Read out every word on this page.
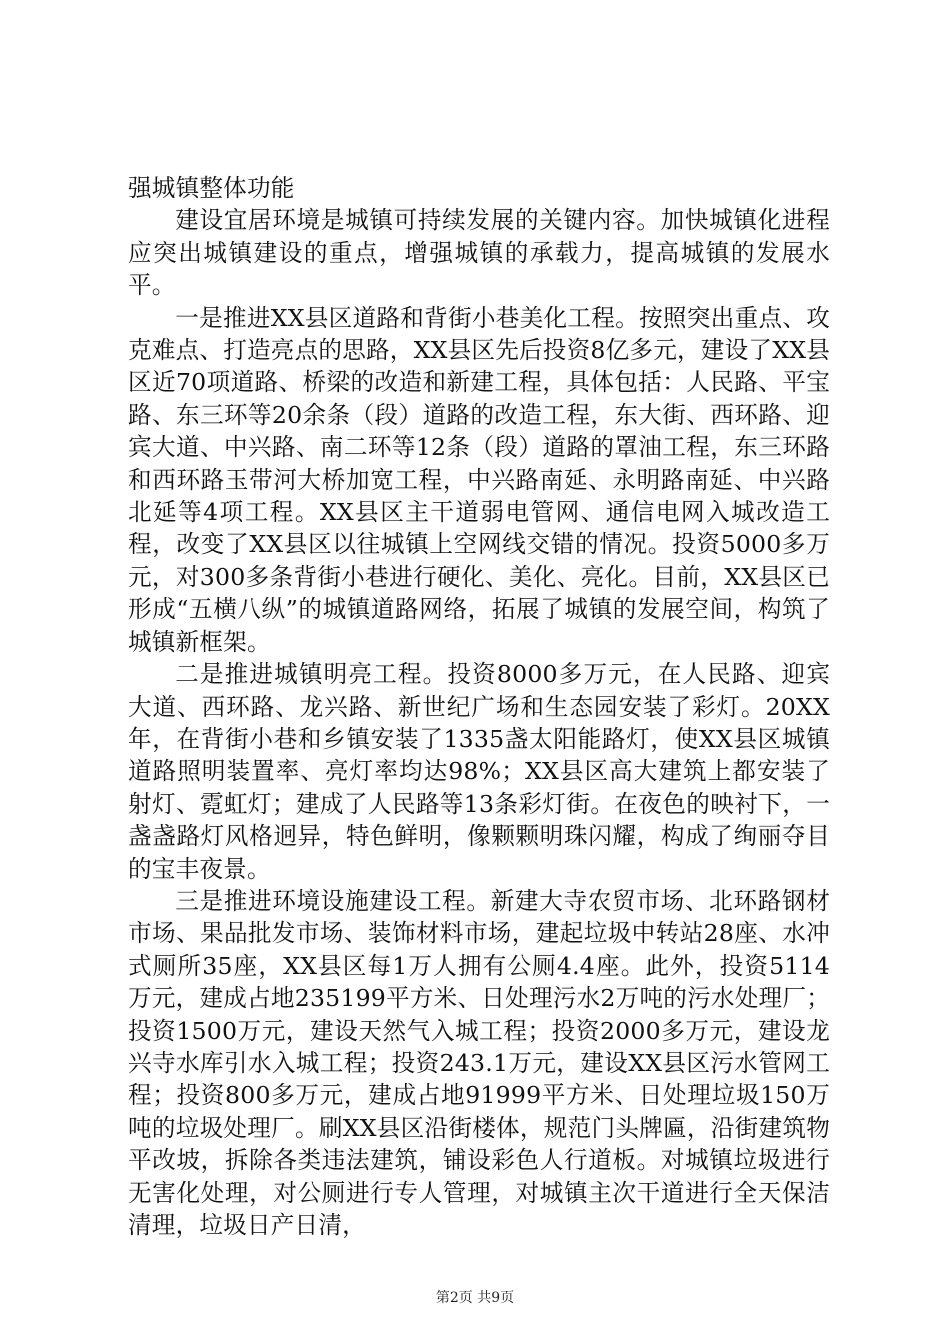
强城镇整体功能

建设宜居环境是城镇可持续发展的关键内容。加快城镇化进程应突出城镇建设的重点，增强城镇的承载力，提高城镇的发展水平。

一是推进XX县区道路和背街小巷美化工程。按照突出重点、攻克难点、打造亮点的思路，XX县区先后投资8亿多元，建设了XX县区近70项道路、桥梁的改造和新建工程，具体包括：人民路、平宝路、东三环等20余条（段）道路的改造工程，东大街、西环路、迎宾大道、中兴路、南二环等12条（段）道路的罩油工程，东三环路和西环路玉带河大桥加宽工程，中兴路南延、永明路南延、中兴路北延等4项工程。XX县区主干道弱电管网、通信电网入城改造工程，改变了XX县区以往城镇上空网线交错的情况。投资5000多万元，对300多条背街小巷进行硬化、美化、亮化。目前，XX县区已形成“五横八纵”的城镇道路网络，拓展了城镇的发展空间，构筑了城镇新框架。

二是推进城镇明亮工程。投资8000多万元，在人民路、迎宾大道、西环路、龙兴路、新世纪广场和生态园安装了彩灯。20XX年，在背街小巷和乡镇安装了1335盏太阳能路灯，使XX县区城镇道路照明装置率、亮灯率均达98%；XX县区高大建筑上都安装了射灯、霓虹灯；建成了人民路等13条彩灯街。在夜色的映衬下，一盏盏路灯风格迥异，特色鲜明，像颗颗明珠闪耀，构成了绚丽夺目的宝丰夜景。

三是推进环境设施建设工程。新建大寺农贸市场、北环路钢材市场、果品批发市场、装饰材料市场，建起垃圾中转站28座、水冲式厕所35座，XX县区每1万人拥有公厕4.4座。此外，投资5114万元，建成占地235199平方米、日处理污水2万吨的污水处理厂；投资1500万元，建设天然气入城工程；投资2000多万元，建设龙兴寺水库引水入城工程；投资243.1万元，建设XX县区污水管网工程；投资800多万元，建成占地91999平方米、日处理垃圾150万吨的垃圾处理厂。刷XX县区沿街楼体，规范门头牌匾，沿街建筑物平改坡，拆除各类违法建筑，铺设彩色人行道板。对城镇垃圾进行无害化处理，对公厕进行专人管理，对城镇主次干道进行全天保洁清理，垃圾日产日清，

第2页 共9页
